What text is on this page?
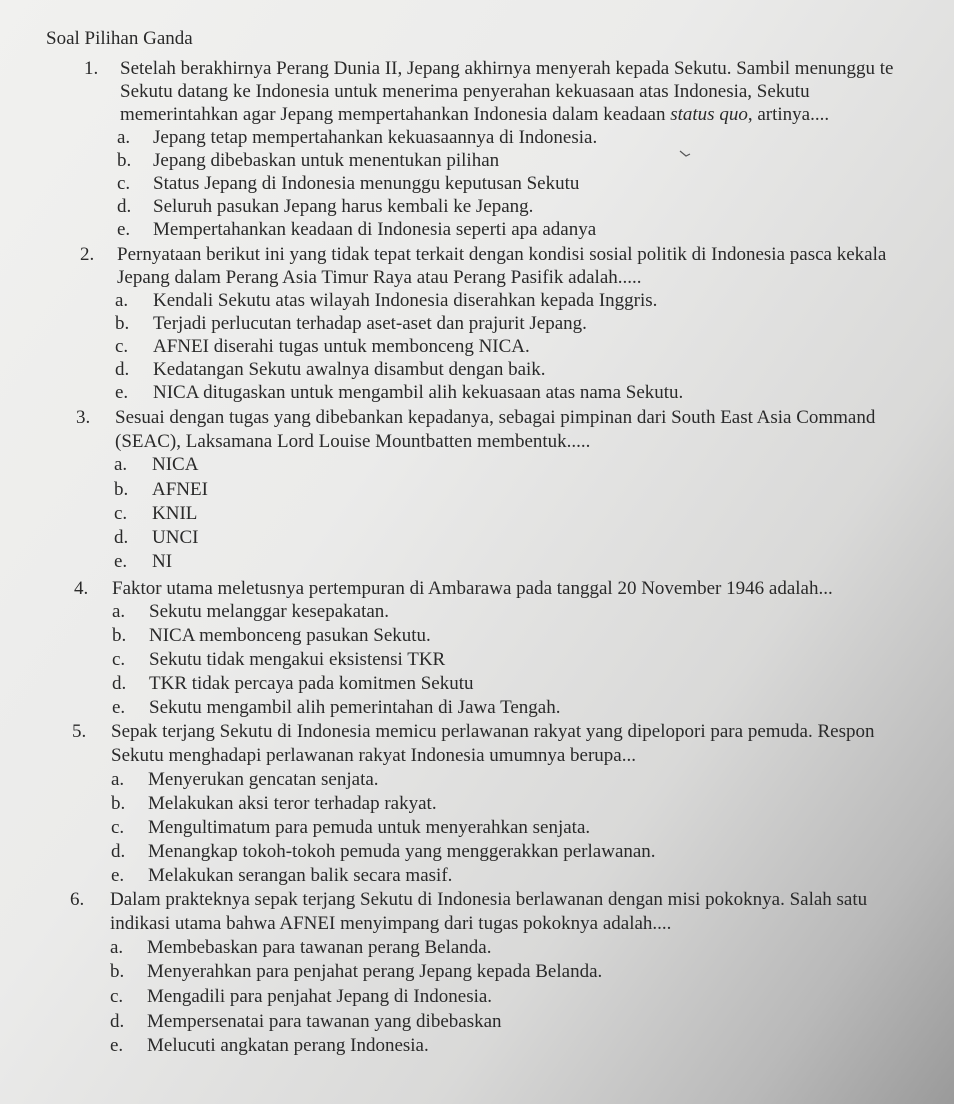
Soal Pilihan Ganda
1. Setelah berakhirnya Perang Dunia II, Jepang akhirnya menyerah kepada Sekutu. Sambil menunggu te
Sekutu datang ke Indonesia untuk menerima penyerahan kekuasaan atas Indonesia, Sekutu
memerintahkan agar Jepang mempertahankan Indonesia dalam keadaan status quo, artinya....
a. Jepang tetap mempertahankan kekuasaannya di Indonesia.
b. Jepang dibebaskan untuk menentukan pilihan
c. Status Jepang di Indonesia menunggu keputusan Sekutu
d. Seluruh pasukan Jepang harus kembali ke Jepang.
e. Mempertahankan keadaan di Indonesia seperti apa adanya
2. Pernyataan berikut ini yang tidak tepat terkait dengan kondisi sosial politik di Indonesia pasca kekala
Jepang dalam Perang Asia Timur Raya atau Perang Pasifik adalah.....
a. Kendali Sekutu atas wilayah Indonesia diserahkan kepada Inggris.
b. Terjadi perlucutan terhadap aset-aset dan prajurit Jepang.
c. AFNEI diserahi tugas untuk membonceng NICA.
d. Kedatangan Sekutu awalnya disambut dengan baik.
e. NICA ditugaskan untuk mengambil alih kekuasaan atas nama Sekutu.
3. Sesuai dengan tugas yang dibebankan kepadanya, sebagai pimpinan dari South East Asia Command
(SEAC), Laksamana Lord Louise Mountbatten membentuk.....
a. NICA
b. AFNEI
c. KNIL
d. UNCI
e. NI
4. Faktor utama meletusnya pertempuran di Ambarawa pada tanggal 20 November 1946 adalah...
a. Sekutu melanggar kesepakatan.
b. NICA membonceng pasukan Sekutu.
c. Sekutu tidak mengakui eksistensi TKR
d. TKR tidak percaya pada komitmen Sekutu
e. Sekutu mengambil alih pemerintahan di Jawa Tengah.
5. Sepak terjang Sekutu di Indonesia memicu perlawanan rakyat yang dipelopori para pemuda. Respon
Sekutu menghadapi perlawanan rakyat Indonesia umumnya berupa...
a. Menyerukan gencatan senjata.
b. Melakukan aksi teror terhadap rakyat.
c. Mengultimatum para pemuda untuk menyerahkan senjata.
d. Menangkap tokoh-tokoh pemuda yang menggerakkan perlawanan.
e. Melakukan serangan balik secara masif.
6. Dalam prakteknya sepak terjang Sekutu di Indonesia berlawanan dengan misi pokoknya. Salah satu
indikasi utama bahwa AFNEI menyimpang dari tugas pokoknya adalah....
a. Membebaskan para tawanan perang Belanda.
b. Menyerahkan para penjahat perang Jepang kepada Belanda.
c. Mengadili para penjahat Jepang di Indonesia.
d. Mempersenatai para tawanan yang dibebaskan
e. Melucuti angkatan perang Indonesia.
